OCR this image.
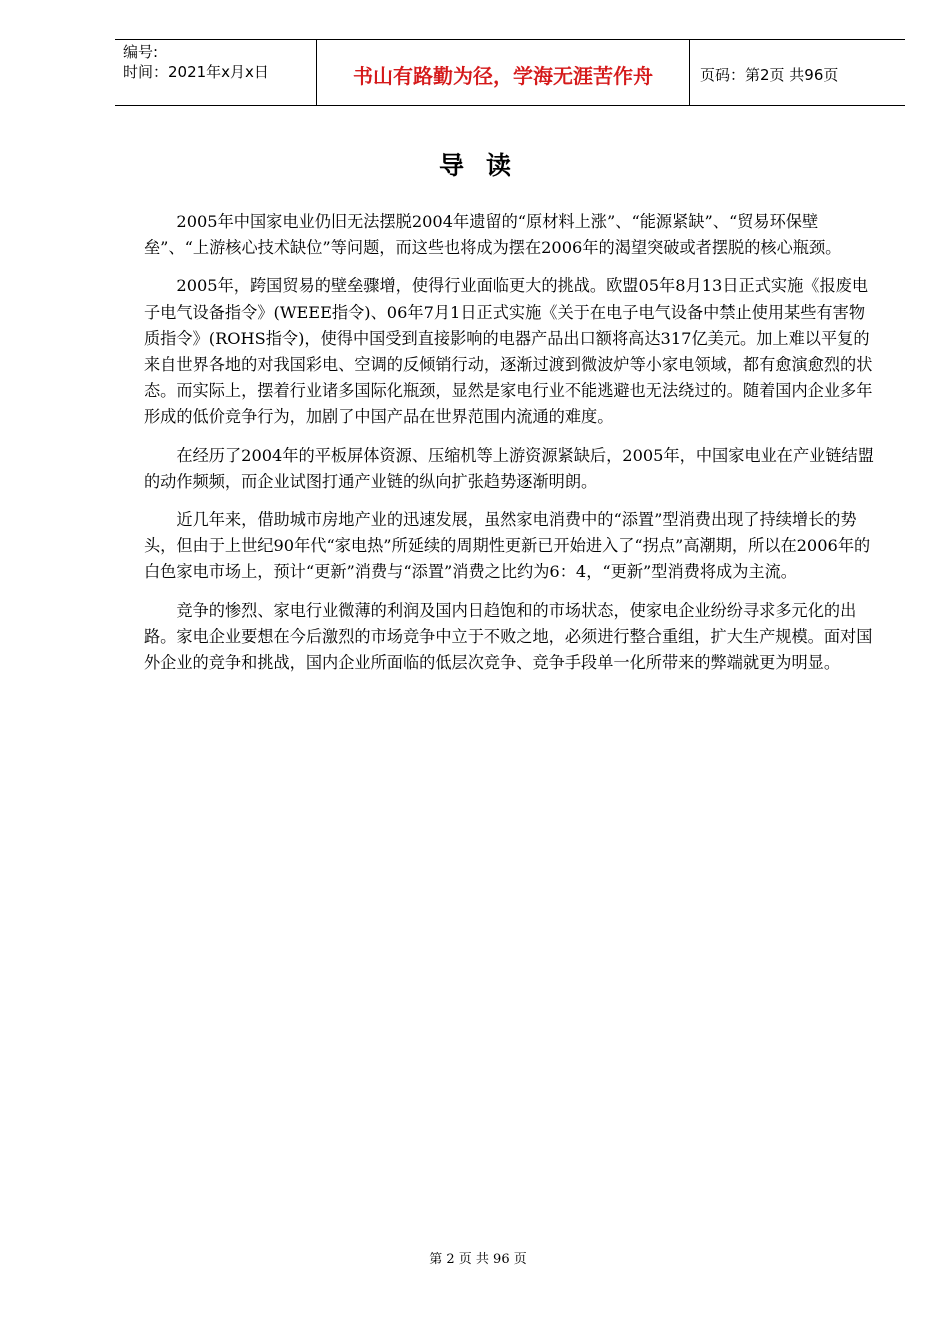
编号:
时间：2021年x月x日	书山有路勤为径，学海无涯苦作舟	页码：第2页 共96页
导读

2005年中国家电业仍旧无法摆脱2004年遗留的“原材料上涨”、“能源紧缺”、“贸易环保壁垒”、“上游核心技术缺位”等问题，而这些也将成为摆在2006年的渴望突破或者摆脱的核心瓶颈。

2005年，跨国贸易的壁垒骤增，使得行业面临更大的挑战。欧盟05年8月13日正式实施《报废电子电气设备指令》(WEEE指令)、06年7月1日正式实施《关于在电子电气设备中禁止使用某些有害物质指令》(ROHS指令)，使得中国受到直接影响的电器产品出口额将高达317亿美元。加上难以平复的来自世界各地的对我国彩电、空调的反倾销行动，逐渐过渡到微波炉等小家电领域，都有愈演愈烈的状态。而实际上，摆着行业诸多国际化瓶颈，显然是家电行业不能逃避也无法绕过的。随着国内企业多年形成的低价竞争行为，加剧了中国产品在世界范围内流通的难度。

在经历了2004年的平板屏体资源、压缩机等上游资源紧缺后，2005年，中国家电业在产业链结盟的动作频频，而企业试图打通产业链的纵向扩张趋势逐渐明朗。

近几年来，借助城市房地产业的迅速发展，虽然家电消费中的“添置”型消费出现了持续增长的势头，但由于上世纪90年代“家电热”所延续的周期性更新已开始进入了“拐点”高潮期，所以在2006年的白色家电市场上，预计“更新”消费与“添置”消费之比约为6：4，“更新”型消费将成为主流。

竞争的惨烈、家电行业微薄的利润及国内日趋饱和的市场状态，使家电企业纷纷寻求多元化的出路。家电企业要想在今后激烈的市场竞争中立于不败之地，必须进行整合重组，扩大生产规模。面对国外企业的竞争和挑战，国内企业所面临的低层次竞争、竞争手段单一化所带来的弊端就更为明显。

第 2 页 共 96 页
